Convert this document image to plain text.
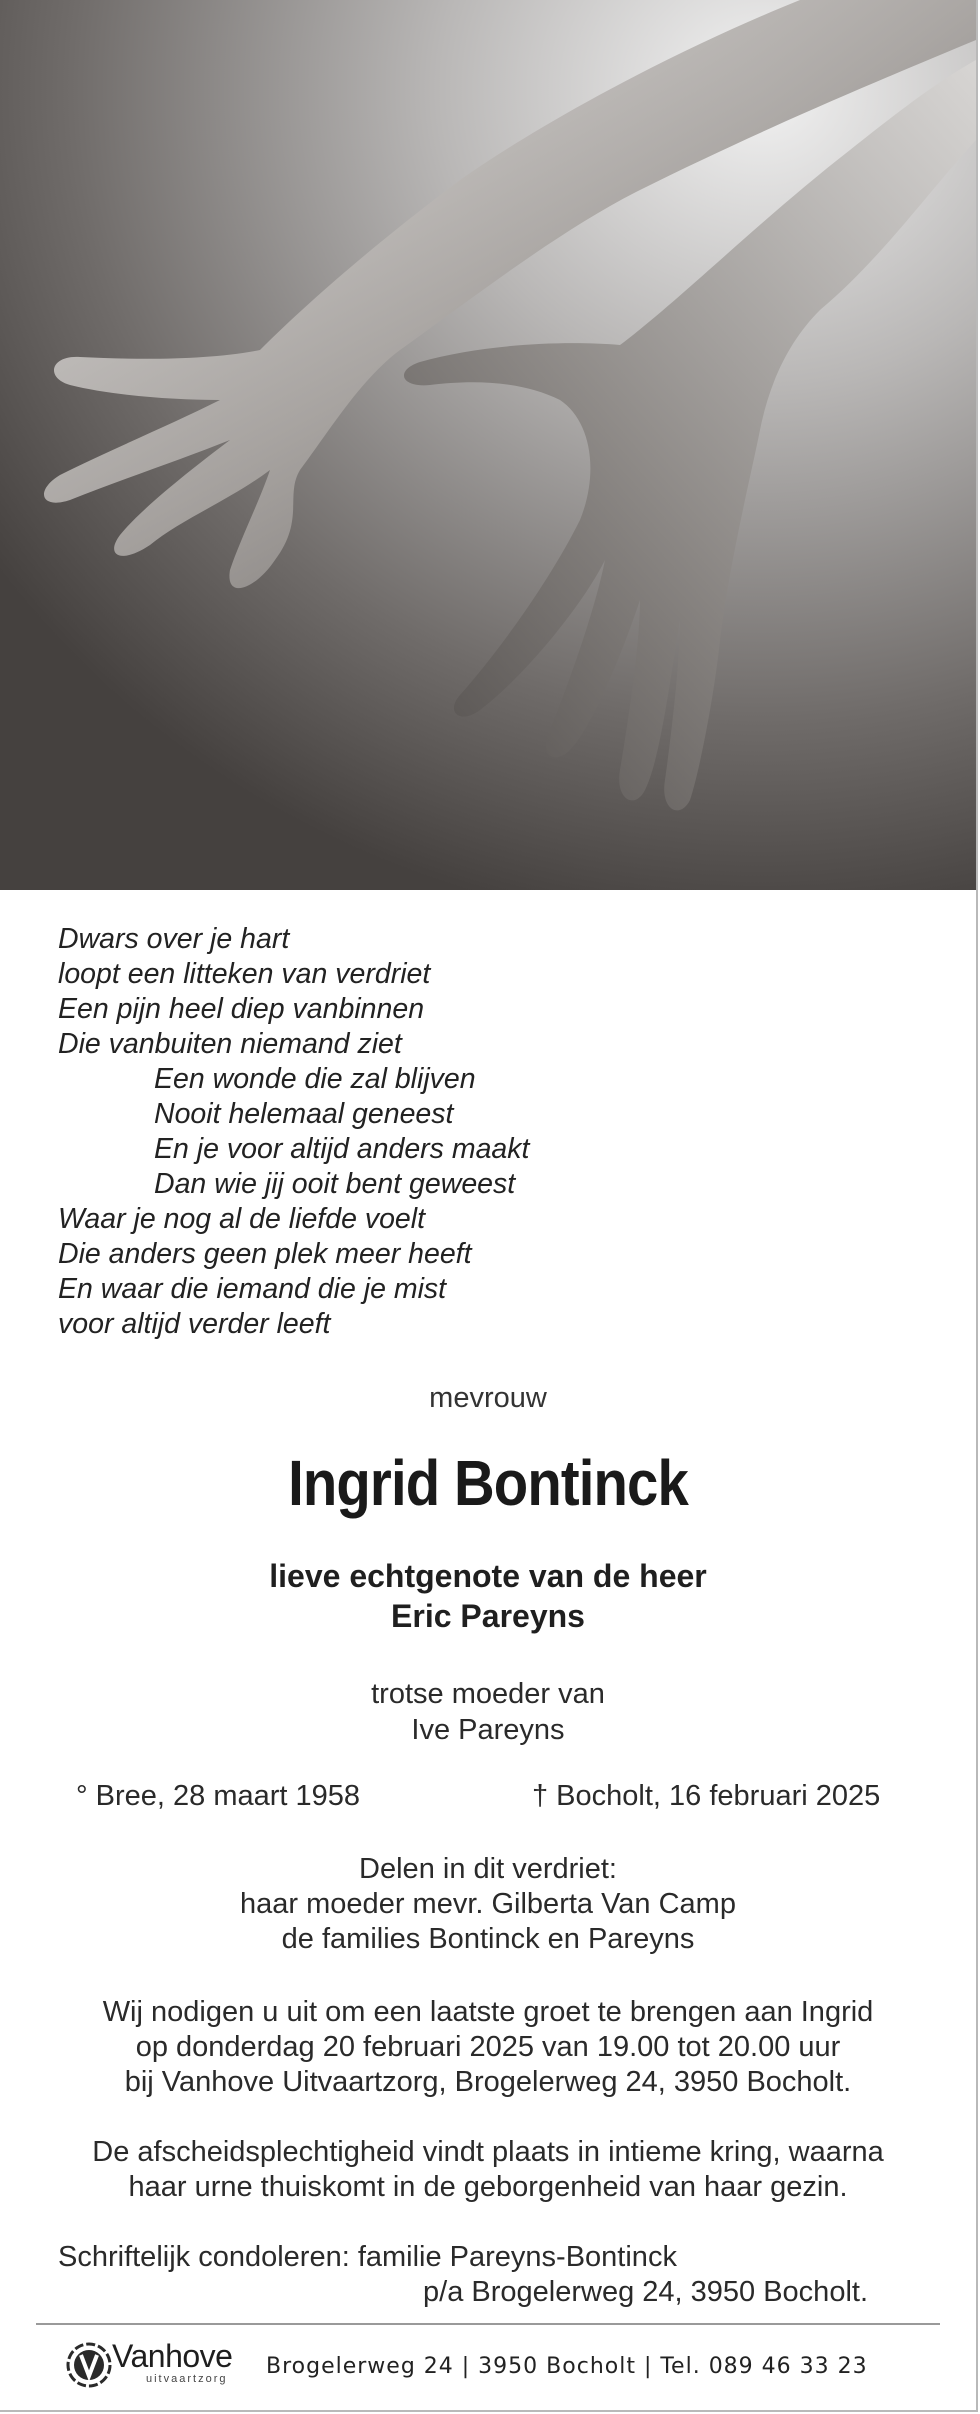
Dwars over je hart
loopt een litteken van verdriet
Een pijn heel diep vanbinnen
Die vanbuiten niemand ziet
Een wonde die zal blijven
Nooit helemaal geneest
En je voor altijd anders maakt
Dan wie jij ooit bent geweest
Waar je nog al de liefde voelt
Die anders geen plek meer heeft
En waar die iemand die je mist
voor altijd verder leeft
mevrouw
Ingrid Bontinck
lieve echtgenote van de heer
Eric Pareyns
trotse moeder van
Ive Pareyns
° Bree, 28 maart 1958	† Bocholt, 16 februari 2025
Delen in dit verdriet:
haar moeder mevr. Gilberta Van Camp
de families Bontinck en Pareyns
Wij nodigen u uit om een laatste groet te brengen aan Ingrid
op donderdag 20 februari 2025 van 19.00 tot 20.00 uur
bij Vanhove Uitvaartzorg, Brogelerweg 24, 3950 Bocholt.
De afscheidsplechtigheid vindt plaats in intieme kring, waarna
haar urne thuiskomt in de geborgenheid van haar gezin.
Schriftelijk condoleren: familie Pareyns-Bontinck
p/a Brogelerweg 24, 3950 Bocholt.
Vanhove
uitvaartzorg Brogelerweg 24 | 3950 Bocholt | Tel. 089 46 33 23
